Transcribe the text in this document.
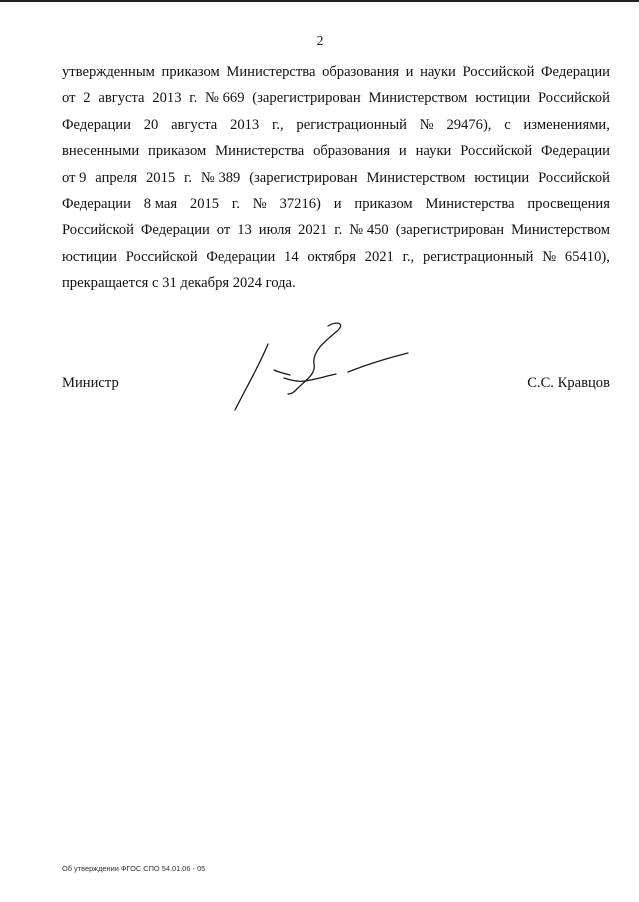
2
утвержденным приказом Министерства образования и науки Российской Федерации
от 2 августа 2013 г. № 669 (зарегистрирован Министерством юстиции Российской
Федерации 20 августа 2013 г., регистрационный № 29476), с изменениями,
внесенными приказом Министерства образования и науки Российской Федерации
от 9 апреля 2015 г. № 389 (зарегистрирован Министерством юстиции Российской
Федерации 8 мая 2015 г. № 37216) и приказом Министерства просвещения
Российской Федерации от 13 июля 2021 г. № 450 (зарегистрирован Министерством
юстиции Российской Федерации 14 октября 2021 г., регистрационный № 65410),
прекращается с 31 декабря 2024 года.
Министр	С.С. Кравцов
Об утверждении ФГОС СПО 54.01.06 - 05
